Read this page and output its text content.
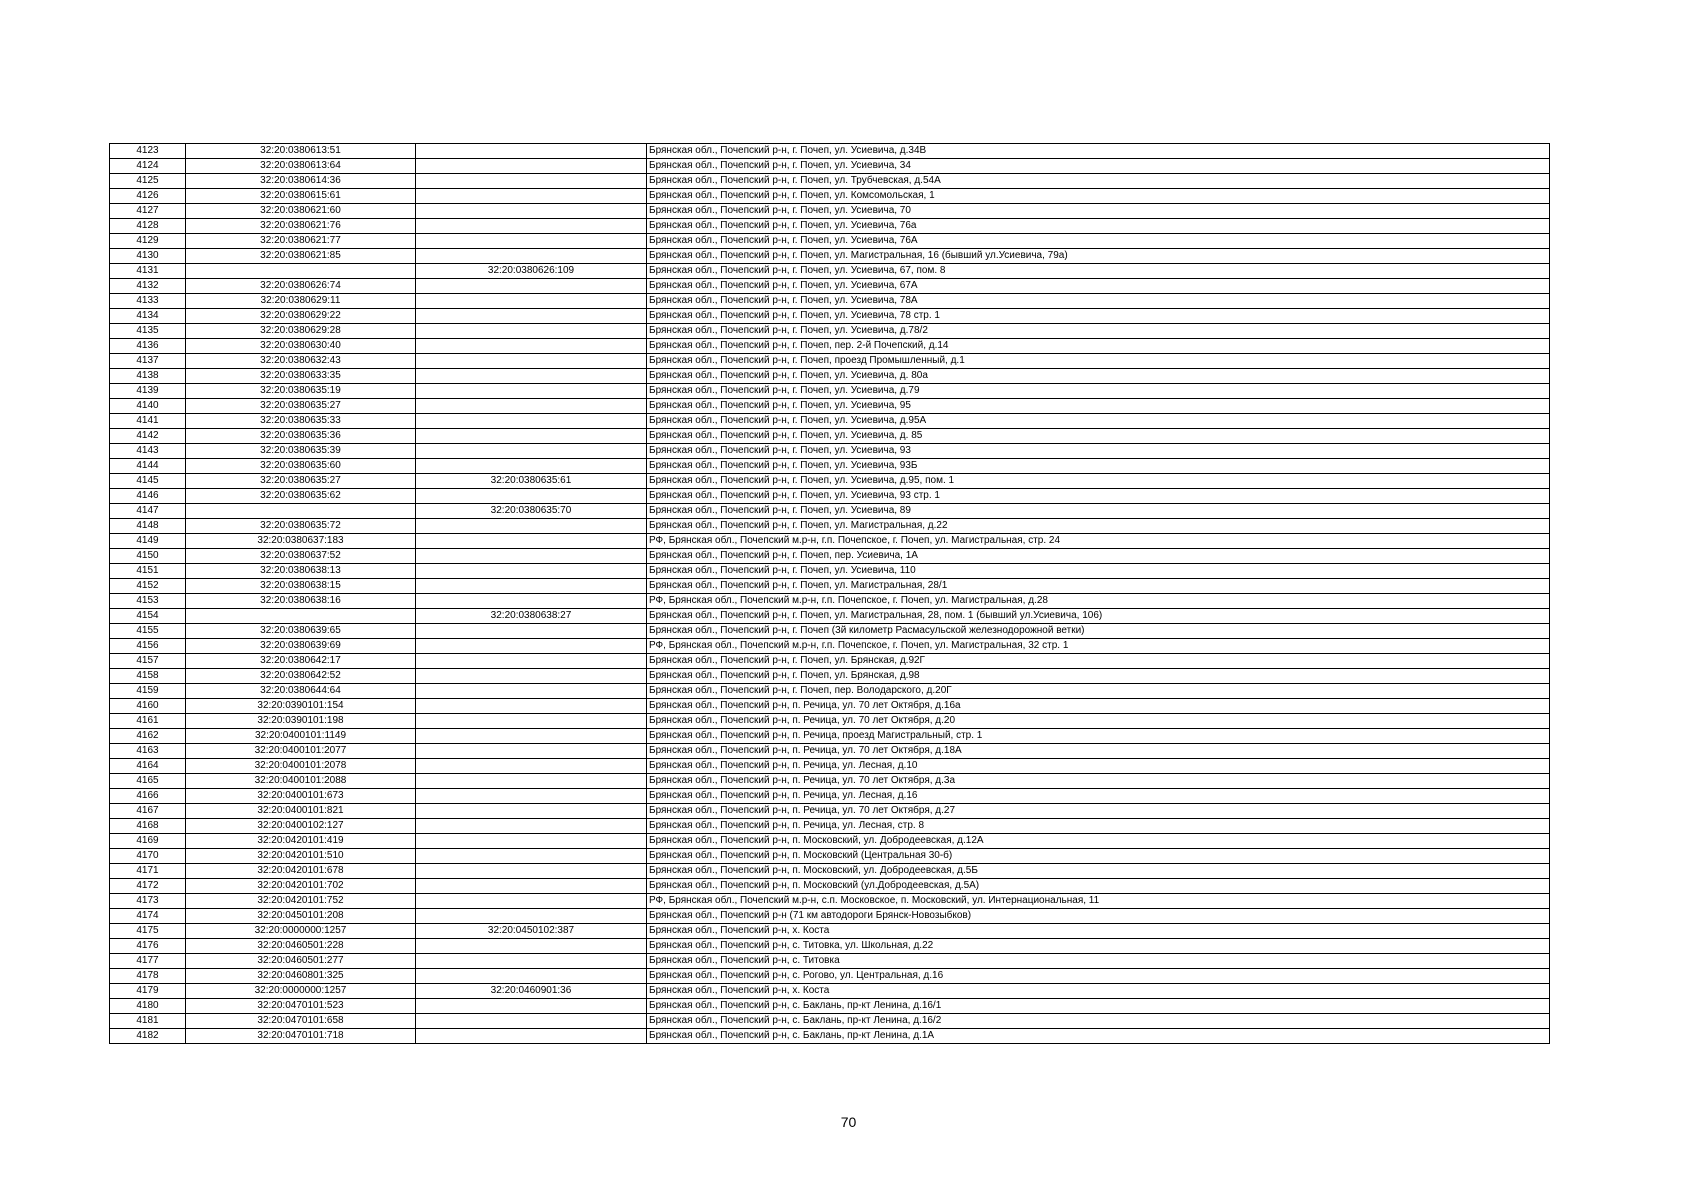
4123	32:20:0380613:51		Брянская обл., Почепский р-н, г. Почеп, ул. Усиевича, д.34В
4124	32:20:0380613:64		Брянская обл., Почепский р-н, г. Почеп, ул. Усиевича, 34
4125	32:20:0380614:36		Брянская обл., Почепский р-н, г. Почеп, ул. Трубчевская, д.54А
4126	32:20:0380615:61		Брянская обл., Почепский р-н, г. Почеп, ул. Комсомольская, 1
4127	32:20:0380621:60		Брянская обл., Почепский р-н, г. Почеп, ул. Усиевича, 70
4128	32:20:0380621:76		Брянская обл., Почепский р-н, г. Почеп, ул. Усиевича, 76а
4129	32:20:0380621:77		Брянская обл., Почепский р-н, г. Почеп, ул. Усиевича, 76А
4130	32:20:0380621:85		Брянская обл., Почепский р-н, г. Почеп, ул. Магистральная, 16 (бывший ул.Усиевича, 79а)
4131		32:20:0380626:109	Брянская обл., Почепский р-н, г. Почеп, ул. Усиевича, 67, пом. 8
4132	32:20:0380626:74		Брянская обл., Почепский р-н, г. Почеп, ул. Усиевича, 67А
4133	32:20:0380629:11		Брянская обл., Почепский р-н, г. Почеп, ул. Усиевича, 78А
4134	32:20:0380629:22		Брянская обл., Почепский р-н, г. Почеп, ул. Усиевича, 78 стр. 1
4135	32:20:0380629:28		Брянская обл., Почепский р-н, г. Почеп, ул. Усиевича, д.78/2
4136	32:20:0380630:40		Брянская обл., Почепский р-н, г. Почеп, пер. 2-й Почепский, д.14
4137	32:20:0380632:43		Брянская обл., Почепский р-н, г. Почеп, проезд Промышленный, д.1
4138	32:20:0380633:35		Брянская обл., Почепский р-н, г. Почеп, ул. Усиевича, д. 80а
4139	32:20:0380635:19		Брянская обл., Почепский р-н, г. Почеп, ул. Усиевича, д.79
4140	32:20:0380635:27		Брянская обл., Почепский р-н, г. Почеп, ул. Усиевича, 95
4141	32:20:0380635:33		Брянская обл., Почепский р-н, г. Почеп, ул. Усиевича, д.95А
4142	32:20:0380635:36		Брянская обл., Почепский р-н, г. Почеп, ул. Усиевича, д. 85
4143	32:20:0380635:39		Брянская обл., Почепский р-н, г. Почеп, ул. Усиевича, 93
4144	32:20:0380635:60		Брянская обл., Почепский р-н, г. Почеп, ул. Усиевича, 93Б
4145	32:20:0380635:27	32:20:0380635:61	Брянская обл., Почепский р-н, г. Почеп, ул. Усиевича, д.95, пом. 1
4146	32:20:0380635:62		Брянская обл., Почепский р-н, г. Почеп, ул. Усиевича, 93 стр. 1
4147		32:20:0380635:70	Брянская обл., Почепский р-н, г. Почеп, ул. Усиевича, 89
4148	32:20:0380635:72		Брянская обл., Почепский р-н, г. Почеп, ул. Магистральная, д.22
4149	32:20:0380637:183		РФ, Брянская обл., Почепский м.р-н, г.п. Почепское, г. Почеп, ул. Магистральная, стр. 24
4150	32:20:0380637:52		Брянская обл., Почепский р-н, г. Почеп, пер. Усиевича, 1А
4151	32:20:0380638:13		Брянская обл., Почепский р-н, г. Почеп, ул. Усиевича, 110
4152	32:20:0380638:15		Брянская обл., Почепский р-н, г. Почеп, ул. Магистральная, 28/1
4153	32:20:0380638:16		РФ, Брянская обл., Почепский м.р-н, г.п. Почепское, г. Почеп, ул. Магистральная, д.28
4154		32:20:0380638:27	Брянская обл., Почепский р-н, г. Почеп, ул. Магистральная, 28, пом. 1 (бывший ул.Усиевича, 106)
4155	32:20:0380639:65		Брянская обл., Почепский р-н, г. Почеп (3й километр Расмасульской железнодорожной ветки)
4156	32:20:0380639:69		РФ, Брянская обл., Почепский м.р-н, г.п. Почепское, г. Почеп, ул. Магистральная, 32 стр. 1
4157	32:20:0380642:17		Брянская обл., Почепский р-н, г. Почеп, ул. Брянская, д.92Г
4158	32:20:0380642:52		Брянская обл., Почепский р-н, г. Почеп, ул. Брянская, д.98
4159	32:20:0380644:64		Брянская обл., Почепский р-н, г. Почеп, пер. Володарского, д.20Г
4160	32:20:0390101:154		Брянская обл., Почепский р-н, п. Речица, ул. 70 лет Октября, д.16а
4161	32:20:0390101:198		Брянская обл., Почепский р-н, п. Речица, ул. 70 лет Октября, д.20
4162	32:20:0400101:1149		Брянская обл., Почепский р-н, п. Речица, проезд Магистральный, стр. 1
4163	32:20:0400101:2077		Брянская обл., Почепский р-н, п. Речица, ул. 70 лет Октября, д.18А
4164	32:20:0400101:2078		Брянская обл., Почепский р-н, п. Речица, ул. Лесная, д.10
4165	32:20:0400101:2088		Брянская обл., Почепский р-н, п. Речица, ул. 70 лет Октября, д.3а
4166	32:20:0400101:673		Брянская обл., Почепский р-н, п. Речица, ул. Лесная, д.16
4167	32:20:0400101:821		Брянская обл., Почепский р-н, п. Речица, ул. 70 лет Октября, д.27
4168	32:20:0400102:127		Брянская обл., Почепский р-н, п. Речица, ул. Лесная, стр. 8
4169	32:20:0420101:419		Брянская обл., Почепский р-н, п. Московский, ул. Добродеевская, д.12А
4170	32:20:0420101:510		Брянская обл., Почепский р-н, п. Московский (Центральная 30-б)
4171	32:20:0420101:678		Брянская обл., Почепский р-н, п. Московский, ул. Добродеевская, д.5Б
4172	32:20:0420101:702		Брянская обл., Почепский р-н, п. Московский (ул.Добродеевская, д.5А)
4173	32:20:0420101:752		РФ, Брянская обл., Почепский м.р-н, с.п. Московское, п. Московский, ул. Интернациональная, 11
4174	32:20:0450101:208		Брянская обл., Почепский р-н (71 км автодороги Брянск-Новозыбков)
4175	32:20:0000000:1257	32:20:0450102:387	Брянская обл., Почепский р-н, х. Коста
4176	32:20:0460501:228		Брянская обл., Почепский р-н, с. Титовка, ул. Школьная, д.22
4177	32:20:0460501:277		Брянская обл., Почепский р-н, с. Титовка
4178	32:20:0460801:325		Брянская обл., Почепский р-н, с. Рогово, ул. Центральная, д.16
4179	32:20:0000000:1257	32:20:0460901:36	Брянская обл., Почепский р-н, х. Коста
4180	32:20:0470101:523		Брянская обл., Почепский р-н, с. Баклань, пр-кт Ленина, д.16/1
4181	32:20:0470101:658		Брянская обл., Почепский р-н, с. Баклань, пр-кт Ленина, д.16/2
4182	32:20:0470101:718		Брянская обл., Почепский р-н, с. Баклань, пр-кт Ленина, д.1А
70
